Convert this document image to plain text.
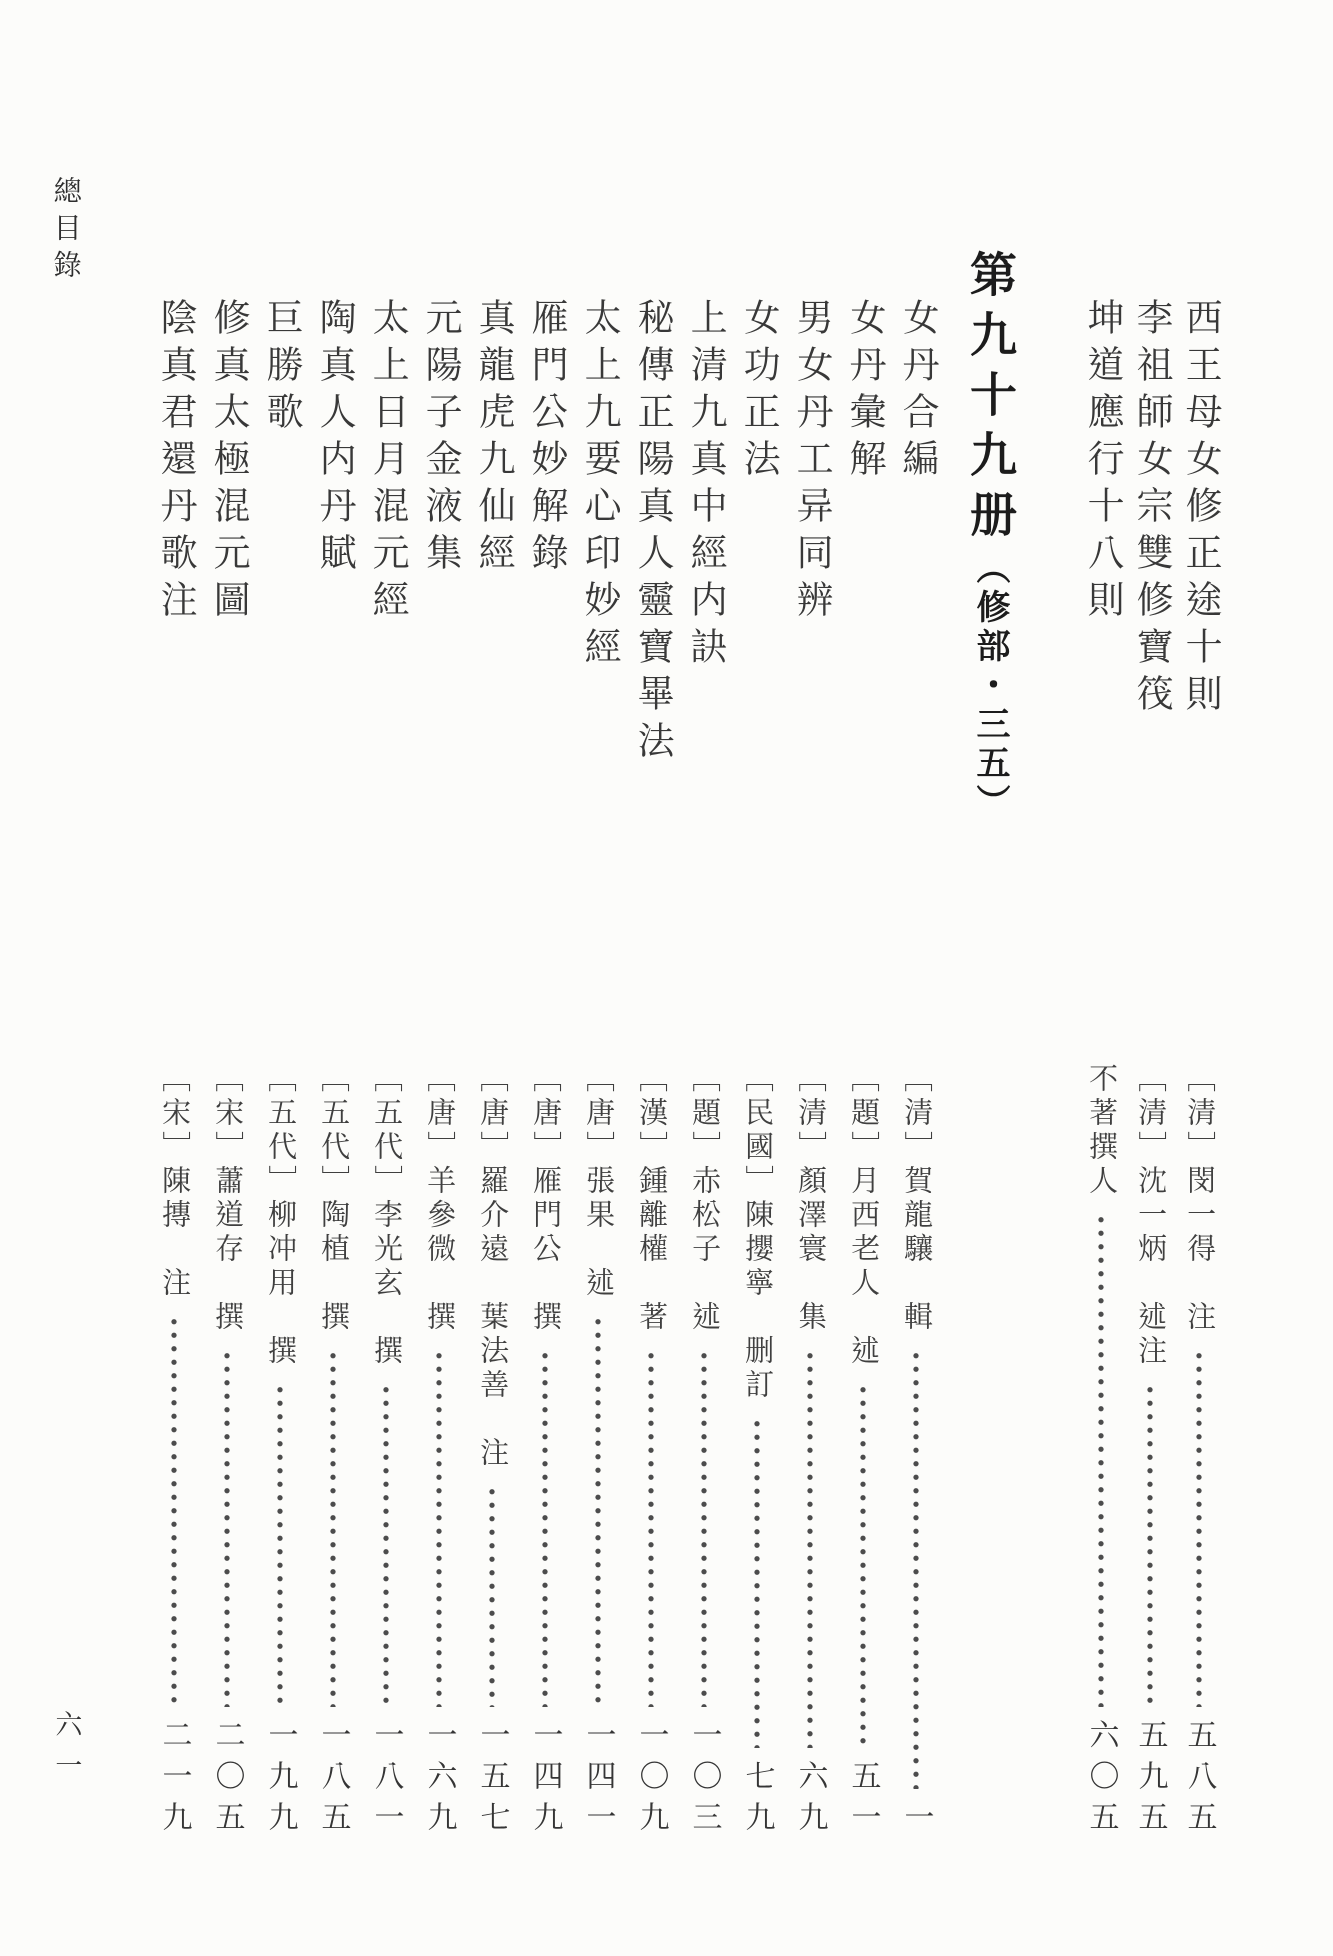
總目錄
第九十九册（修部・三五）
六一
西王母女修正途十則
［清］閔一得　注
五八五
李祖師女宗雙修寶筏
［清］沈一炳　述注
五九五
坤道應行十八則
不著撰人
六〇五
女丹合編
［清］賀龍驤　輯
一
女丹彙解
［題］月西老人　述
五一
男女丹工异同辨
［清］顏澤寰　集
六九
女功正法
［民國］陳攖寧　删訂
七九
上清九真中經内訣
［題］赤松子　述
一〇三
秘傳正陽真人靈寶畢法
［漢］鍾離權　著
一〇九
太上九要心印妙經
［唐］張果　述
一四一
雁門公妙解錄
［唐］雁門公　撰
一四九
真龍虎九仙經
［唐］羅介遠　葉法善　注
一五七
元陽子金液集
［唐］羊參微　撰
一六九
太上日月混元經
［五代］李光玄　撰
一八一
陶真人内丹賦
［五代］陶植　撰
一八五
巨勝歌
［五代］柳冲用　撰
一九九
修真太極混元圖
［宋］蕭道存　撰
二〇五
陰真君還丹歌注
［宋］陳摶　注
二一九
